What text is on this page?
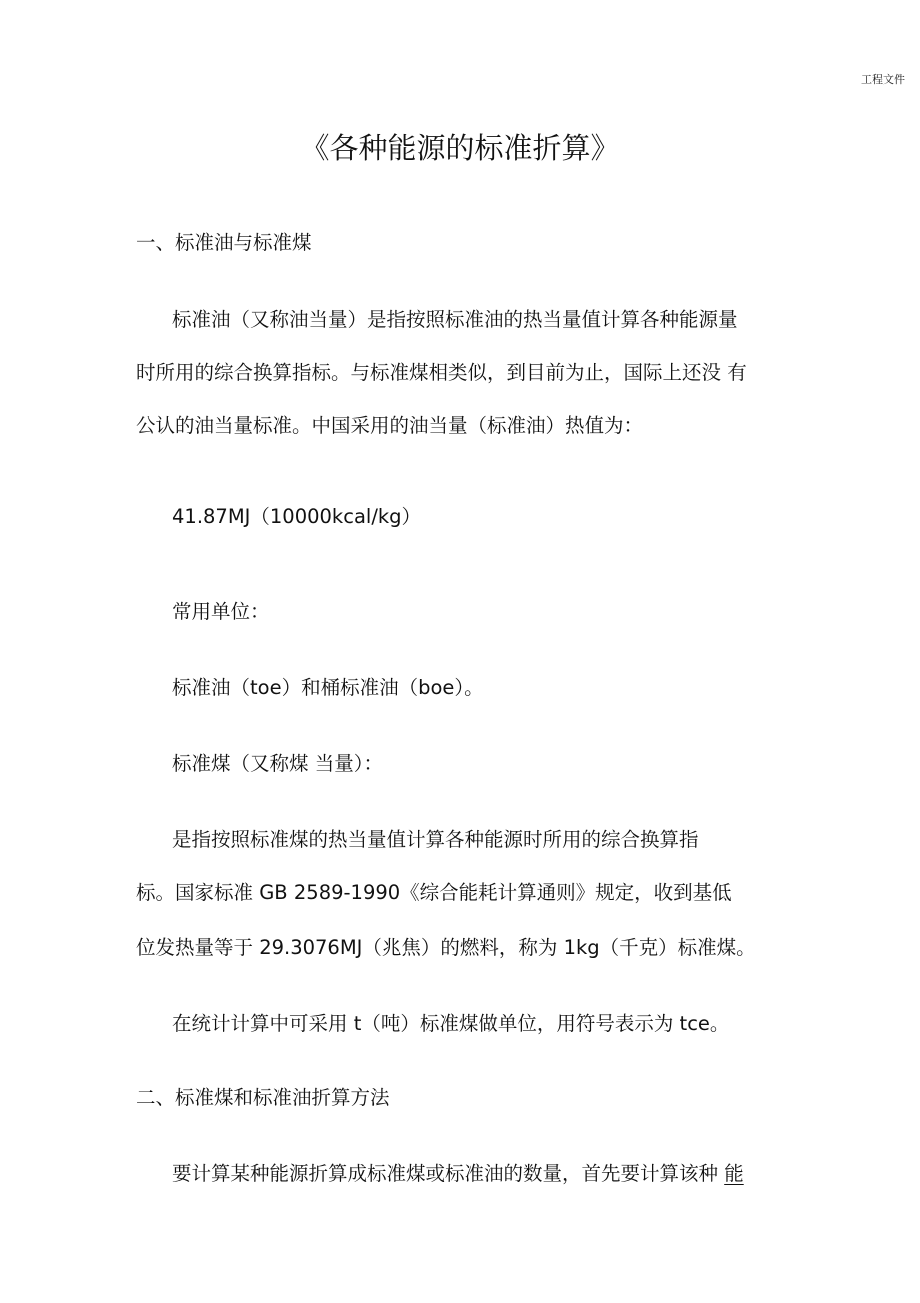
工程文件
《各种能源的标准折算》
一、标准油与标准煤
标准油（又称油当量）是指按照标准油的热当量值计算各种能源量
时所用的综合换算指标。与标准煤相类似，到目前为止，国际上还没 有
公认的油当量标准。中国采用的油当量（标准油）热值为：
41.87MJ（10000kcal/kg）
常用单位：
标准油（toe）和桶标准油（boe）。
标准煤（又称煤 当量）：
是指按照标准煤的热当量值计算各种能源时所用的综合换算指
标。国家标准 GB 2589-1990《综合能耗计算通则》规定，收到基低
位发热量等于 29.3076MJ（兆焦）的燃料，称为 1kg（千克）标准煤。
在统计计算中可采用 t（吨）标准煤做单位，用符号表示为 tce。
二、标准煤和标准油折算方法
要计算某种能源折算成标准煤或标准油的数量，首先要计算该种 能
